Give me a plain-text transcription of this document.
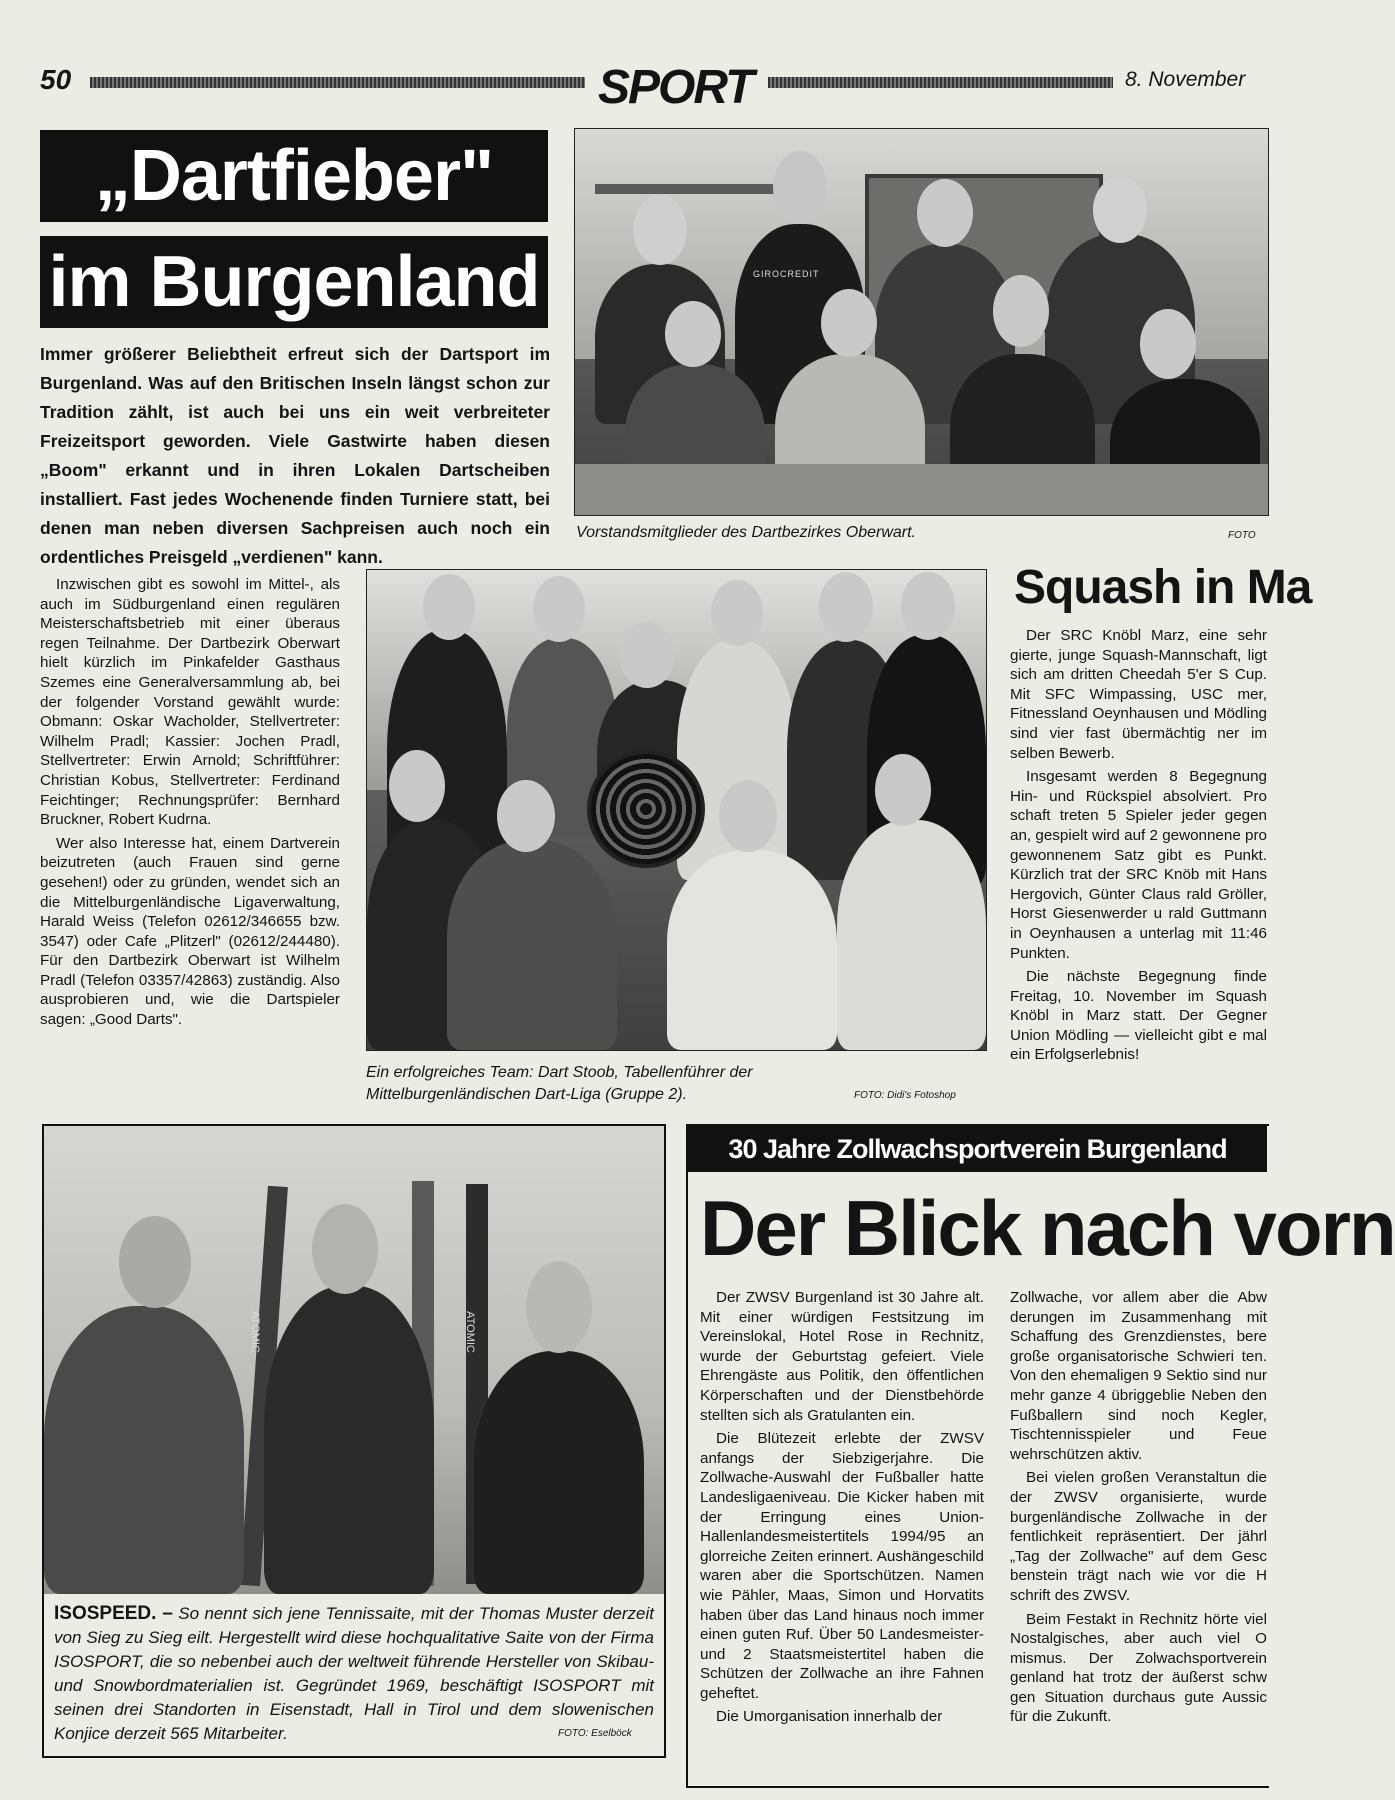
50	SPORT	8. November
„Dartfieber"
im Burgenland
Immer größerer Beliebtheit erfreut sich der Dartsport im Burgenland. Was auf den Britischen Inseln längst schon zur Tradition zählt, ist auch bei uns ein weit verbreiteter Freizeitsport geworden. Viele Gastwirte haben diesen „Boom" erkannt und in ihren Lokalen Dartscheiben installiert. Fast jedes Wochenende finden Turniere statt, bei denen man neben diversen Sachpreisen auch noch ein ordentliches Preisgeld „verdienen" kann.
GIROCREDIT
Vorstandsmitglieder des Dartbezirkes Oberwart.	FOTO

Inzwischen gibt es sowohl im Mittel-, als auch im Südburgenland einen regulären Meisterschaftsbetrieb mit einer überaus regen Teilnahme. Der Dartbezirk Oberwart hielt kürzlich im Pinkafelder Gasthaus Szemes eine Generalversammlung ab, bei der folgender Vorstand gewählt wurde: Obmann: Oskar Wacholder, Stellvertreter: Wilhelm Pradl; Kassier: Jochen Pradl, Stellvertreter: Erwin Arnold; Schriftführer: Christian Kobus, Stellvertreter: Ferdinand Feichtinger; Rechnungsprüfer: Bernhard Bruckner, Robert Kudrna.

Wer also Interesse hat, einem Dartverein beizutreten (auch Frauen sind gerne gesehen!) oder zu gründen, wendet sich an die Mittelburgenländische Ligaverwaltung, Harald Weiss (Telefon 02612/346655 bzw. 3547) oder Cafe „Plitzerl" (02612/244480). Für den Dartbezirk Oberwart ist Wilhelm Pradl (Telefon 03357/42863) zuständig. Also ausprobieren und, wie die Dartspieler sagen: „Good Darts".

Ein erfolgreiches Team: Dart Stoob, Tabellenführer der Mittelburgenländischen Dart-Liga (Gruppe 2).	FOTO: Didi's Fotoshop
Squash in Ma

Der SRC Knöbl Marz, eine sehr gierte, junge Squash-Mannschaft, ligt sich am dritten Cheedah 5'er S Cup. Mit SFC Wimpassing, USC mer, Fitnessland Oeynhausen und Mödling sind vier fast übermächtig ner im selben Bewerb.

Insgesamt werden 8 Begegnung Hin- und Rückspiel absolviert. Pro schaft treten 5 Spieler jeder gegen an, gespielt wird auf 2 gewonnene pro gewonnenem Satz gibt es Punkt. Kürzlich trat der SRC Knöb mit Hans Hergovich, Günter Claus rald Gröller, Horst Giesenwerder u rald Guttmann in Oeynhausen a unterlag mit 11:46 Punkten.

Die nächste Begegnung finde Freitag, 10. November im Squash Knöbl in Marz statt. Der Gegner Union Mödling — vielleicht gibt e mal ein Erfolgserlebnis!

ATOMIC
ATOMIC
ISOSPEED. – So nennt sich jene Tennissaite, mit der Thomas Muster derzeit von Sieg zu Sieg eilt. Hergestellt wird diese hochqualitative Saite von der Firma ISOSPORT, die so nebenbei auch der weltweit führende Hersteller von Skibau- und Snowbordmaterialien ist. Gegründet 1969, beschäftigt ISOSPORT mit seinen drei Standorten in Eisenstadt, Hall in Tirol und dem slowenischen Konjice derzeit 565 Mitarbeiter.	FOTO: Eselböck
30 Jahre Zollwachsportverein Burgenland
Der Blick nach vorn

Der ZWSV Burgenland ist 30 Jahre alt. Mit einer würdigen Festsitzung im Vereinslokal, Hotel Rose in Rechnitz, wurde der Geburtstag gefeiert. Viele Ehrengäste aus Politik, den öffentlichen Körperschaften und der Dienstbehörde stellten sich als Gratulanten ein.

Die Blütezeit erlebte der ZWSV anfangs der Siebzigerjahre. Die Zollwache-Auswahl der Fußballer hatte Landesligaeniveau. Die Kicker haben mit der Erringung eines Union-Hallenlandesmeistertitels 1994/95 an glorreiche Zeiten erinnert. Aushängeschild waren aber die Sportschützen. Namen wie Pähler, Maas, Simon und Horvatits haben über das Land hinaus noch immer einen guten Ruf. Über 50 Landesmeister- und 2 Staatsmeistertitel haben die Schützen der Zollwache an ihre Fahnen geheftet.

Die Umorganisation innerhalb der

Zollwache, vor allem aber die Abw derungen im Zusammenhang mit Schaffung des Grenzdienstes, bere große organisatorische Schwieri ten. Von den ehemaligen 9 Sektio sind nur mehr ganze 4 übriggeblie Neben den Fußballern sind noch Kegler, Tischtennisspieler und Feue wehrschützen aktiv.

Bei vielen großen Veranstaltun die der ZWSV organisierte, wurde burgenländische Zollwache in der fentlichkeit repräsentiert. Der jährl „Tag der Zollwache" auf dem Gesc benstein trägt nach wie vor die H schrift des ZWSV.

Beim Festakt in Rechnitz hörte viel Nostalgisches, aber auch viel O mismus. Der Zolwachsportverein genland hat trotz der äußerst schw gen Situation durchaus gute Aussic für die Zukunft.
